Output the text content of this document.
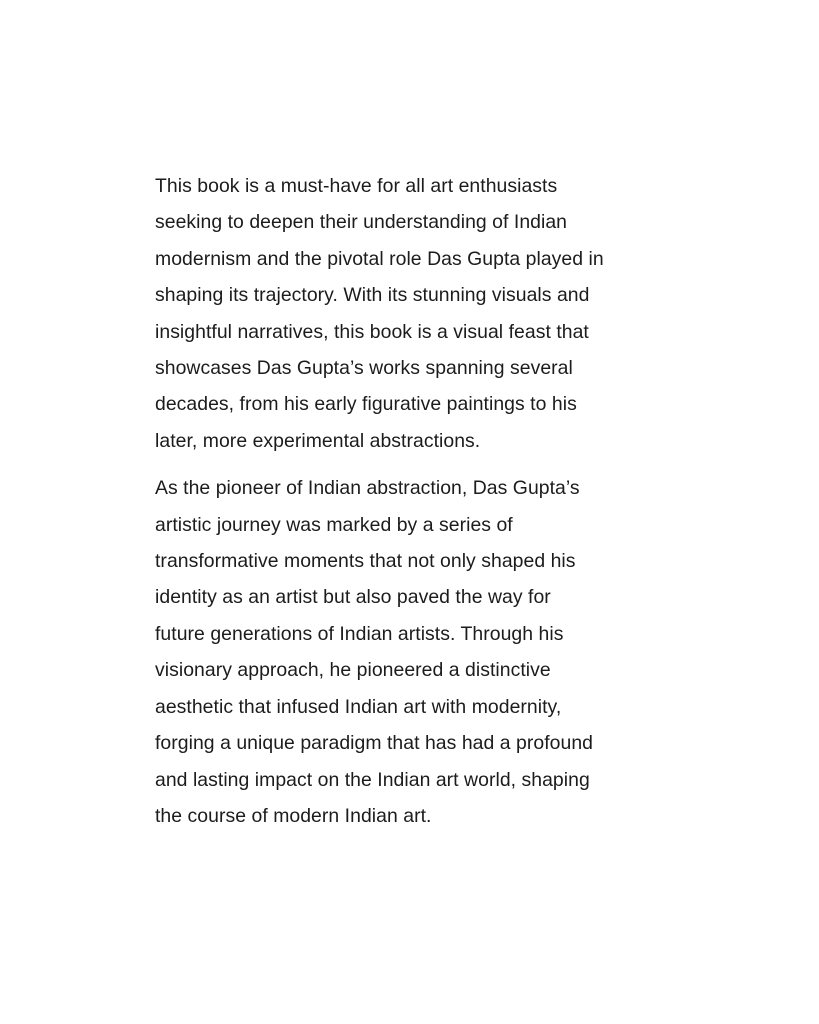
This book is a must-have for all art enthusiasts
seeking to deepen their understanding of Indian
modernism and the pivotal role Das Gupta played in
shaping its trajectory. With its stunning visuals and
insightful narratives, this book is a visual feast that
showcases Das Gupta’s works spanning several
decades, from his early figurative paintings to his
later, more experimental abstractions.

As the pioneer of Indian abstraction, Das Gupta’s
artistic journey was marked by a series of
transformative moments that not only shaped his
identity as an artist but also paved the way for
future generations of Indian artists. Through his
visionary approach, he pioneered a distinctive
aesthetic that infused Indian art with modernity,
forging a unique paradigm that has had a profound
and lasting impact on the Indian art world, shaping
the course of modern Indian art.
